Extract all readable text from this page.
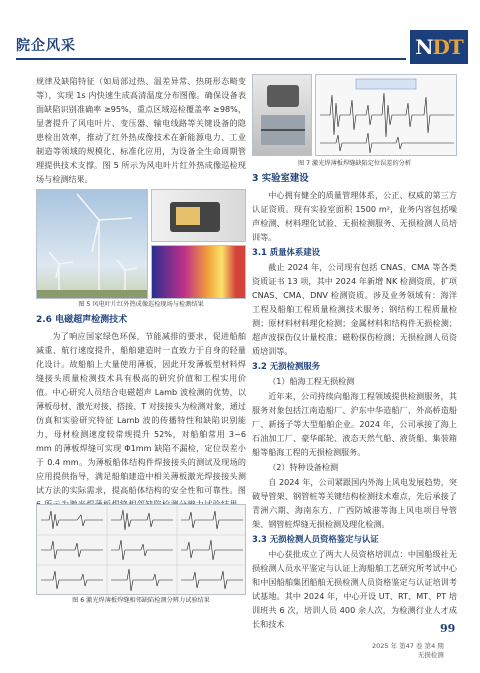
院企风采	N DT

规律及缺陷特征（如局部过热、温差异常、热斑形态畸变等），实现 1s 内快速生成高清温度分布图像。确保设备表面缺陷识别准确率 ≥95%，重点区域巡检覆盖率 ≥98%，显著提升了风电叶片、变压器、输电线路等关键设备的隐患检出效率，推动了红外热成像技术在新能源电力、工业制造等领域的规模化、标准化应用，为设备全生命周期管理提供技术支撑。图 5 所示为风电叶片红外热成像巡检现场与检测结果。

图 5 风电叶片红外热成像巡检现场与检测结果
2.6 电磁超声检测技术

为了响应国家绿色环保，节能减排的要求，促进船舶减重、航行速度提升，船舶建造时一直致力于自身的轻量化设计。故船舶上大量使用薄板，因此开发薄板型材料焊缝接头质量检测技术具有极高的研究价值和工程实用价值。中心研究人员结合电磁超声 Lamb 波检测的优势，以薄板母材、激光对接、搭接、T 对接接头为检测对象，通过仿真和实验研究特征 Lamb 波的传播特性和缺陷识别能力，母材检测速度较常规提升 52%，对船舶常用 3~6 mm 的薄板焊缝可实现 Φ1mm 缺陷不漏检，定位误差小于 0.4 mm。为薄板船体结构件焊接接头的测试及现场的应用提供指导，满足船舶建造中相关薄板激光焊接接头测试方法的实际需求，提高船体结构的安全性和可靠性。图

图 6 激光焊薄板焊缝相邻缺陷检测分辨力试验结果
图 7 激光焊薄板焊缝缺陷定位误差的分析
3 实验室建设

中心拥有健全的质量管理体系，公正、权威的第三方认证资质。现有实验室面积 1500 m²，业务内容包括噪声检测、材料理化试验、无损检测服务、无损检测人员培训等。

3.1 质量体系建设

截止 2024 年，公司现有包括 CNAS、CMA 等各类资质证书 13 项，其中 2024 年新增 NK 检测资质，扩项 CNAS、CMA、DNV 检测资质。涉及业务领域有：海洋工程及船舶工程质量检测技术服务；钢结构工程质量检测；原材料材料理化检测；金属材料和结构件无损检测；超声波探伤仪计量校准；磁粉探伤检测；无损检测人员资质培训等。

3.2 无损检测服务
（1）船海工程无损检测

近年来，公司持续向船海工程领域提供检测服务，其服务对象包括江南造船厂、沪东中华造船厂、外高桥造船厂、新扬子等大型船舶企业。2024 年，公司承接了海上石油加工厂、豪华邮轮、液态天然气船、液货船、集装箱船等船海工程的无损检测服务。

（2）特种设备检测

自 2024 年，公司紧跟国内外海上风电发展趋势，突破导管架、钢管桩等关键结构检测技术难点，先后承接了青洲六期、海南东方、广西防城港等海上风电项目导管架、钢管桩焊缝无损检测及理化检测。

3.3 无损检测人员资格鉴定与认证

中心获批成立了两大人员资格培训点：中国船级社无损检测人员水平鉴定与认证上海船舶工艺研究所考试中心和中国船舶集团船舶无损检测人员资格鉴定与认证培训考试基地。其中 2024 年，中心开设 UT、RT、MT、PT 培训班共 6 次，培训人员 400 余人次，为检测行业人才成长和技术	99
2025 年 第47 卷 第4 期
无损检测
